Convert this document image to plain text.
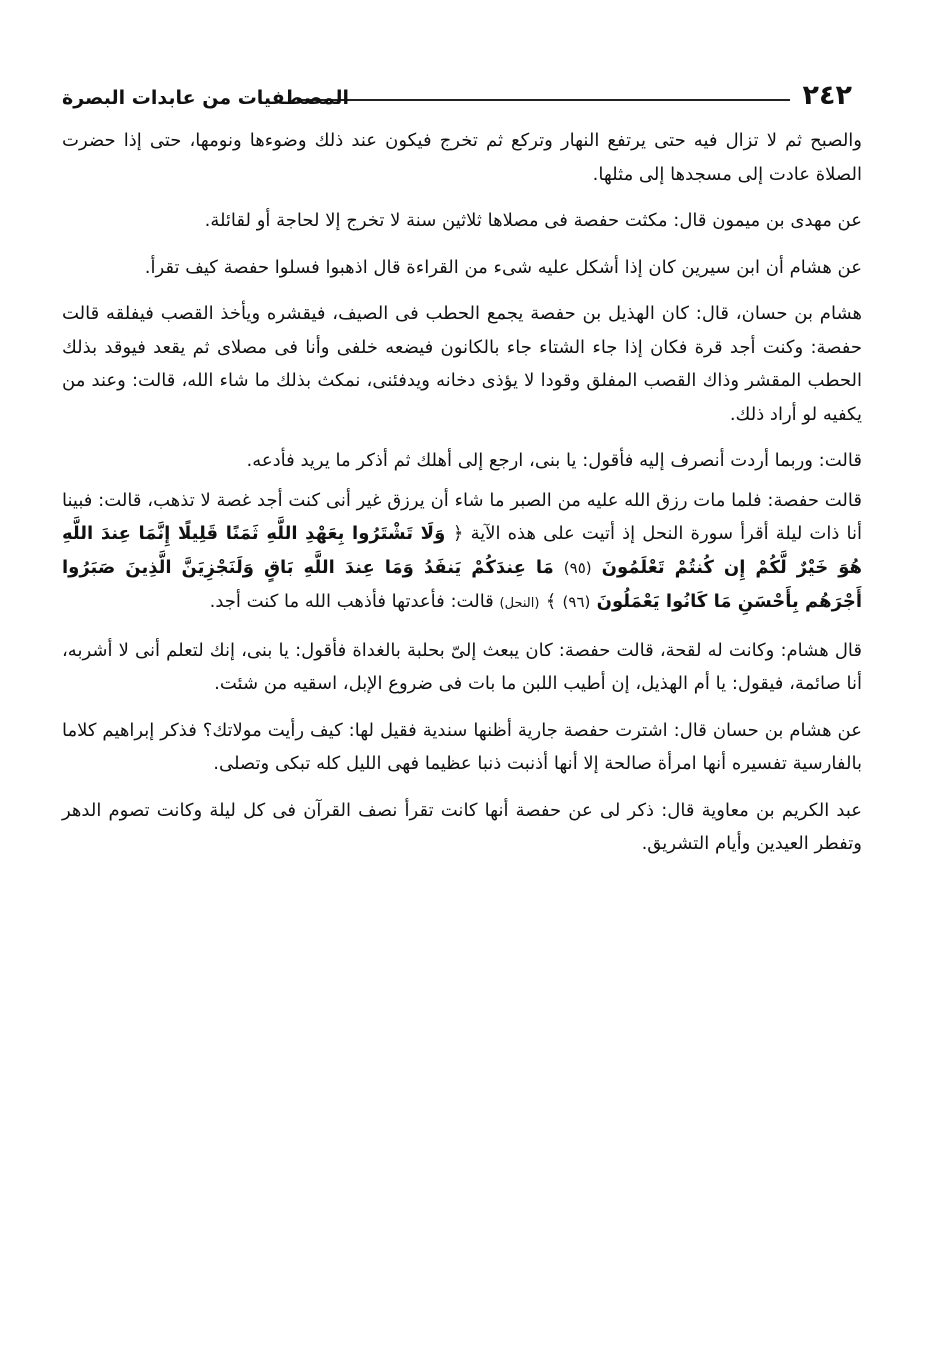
٢٤٢
المصطفيات من عابدات البصرة

والصبح ثم لا تزال فيه حتى يرتفع النهار وتركع ثم تخرج فيكون عند ذلك وضوءها ونومها، حتى إذا حضرت الصلاة عادت إلى مسجدها إلى مثلها.

عن مهدى بن ميمون قال: مكثت حفصة فى مصلاها ثلاثين سنة لا تخرج إلا لحاجة أو لقائلة.

عن هشام أن ابن سيرين كان إذا أشكل عليه شىء من القراءة قال اذهبوا فسلوا حفصة كيف تقرأ.

هشام بن حسان، قال: كان الهذيل بن حفصة يجمع الحطب فى الصيف، فيقشره ويأخذ القصب فيفلقه قالت حفصة: وكنت أجد قرة فكان إذا جاء الشتاء جاء بالكانون فيضعه خلفى وأنا فى مصلاى ثم يقعد فيوقد بذلك الحطب المقشر وذاك القصب المفلق وقودا لا يؤذى دخانه ويدفئنى، نمكث بذلك ما شاء الله، قالت: وعند من يكفيه لو أراد ذلك.

قالت: وربما أردت أنصرف إليه فأقول: يا بنى، ارجع إلى أهلك ثم أذكر ما يريد فأدعه.

قالت حفصة: فلما مات رزق الله عليه من الصبر ما شاء أن يرزق غير أنى كنت أجد غصة لا تذهب، قالت: فبينا أنا ذات ليلة أقرأ سورة النحل إذ أتيت على هذه الآية ﴿ وَلَا تَشْتَرُوا بِعَهْدِ اللَّهِ ثَمَنًا قَلِيلًا إِنَّمَا عِندَ اللَّهِ هُوَ خَيْرٌ لَّكُمْ إِن كُنتُمْ تَعْلَمُونَ (٩٥) مَا عِندَكُمْ يَنفَدُ وَمَا عِندَ اللَّهِ بَاقٍ وَلَنَجْزِيَنَّ الَّذِينَ صَبَرُوا أَجْرَهُم بِأَحْسَنِ مَا كَانُوا يَعْمَلُونَ (٩٦) ﴾ (النحل) قالت: فأعدتها فأذهب الله ما كنت أجد.

قال هشام: وكانت له لقحة، قالت حفصة: كان يبعث إلىّ بحلبة بالغداة فأقول: يا بنى، إنك لتعلم أنى لا أشربه، أنا صائمة، فيقول: يا أم الهذيل، إن أطيب اللبن ما بات فى ضروع الإبل، اسقيه من شئت.

عن هشام بن حسان قال: اشترت حفصة جارية أظنها سندية فقيل لها: كيف رأيت مولاتك؟ فذكر إبراهيم كلاما بالفارسية تفسيره أنها امرأة صالحة إلا أنها أذنبت ذنبا عظيما فهى الليل كله تبكى وتصلى.

عبد الكريم بن معاوية قال: ذكر لى عن حفصة أنها كانت تقرأ نصف القرآن فى كل ليلة وكانت تصوم الدهر وتفطر العيدين وأيام التشريق.
